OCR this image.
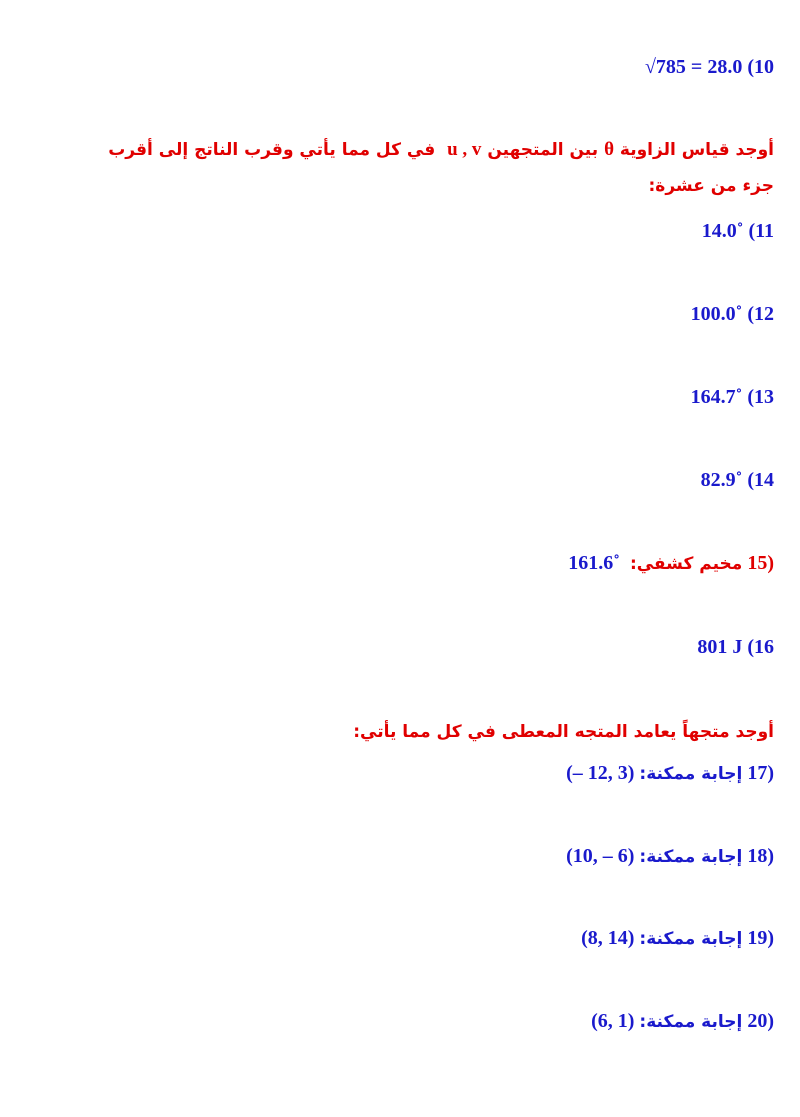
√785 = 28.0 (10
أوجد قياس الزاوية θ بين المتجهين u , v  في كل مما يأتي وقرب الناتج إلى أقرب جزء من عشرة:
14.0˚ (11
100.0˚ (12
164.7˚ (13
82.9˚ (14
15) مخيم كشفي:  161.6˚
801 J (16
أوجد متجهاً يعامد المتجه المعطى في كل مما يأتي:
17) إجابة ممكنة: (– 12, 3)
18) إجابة ممكنة: (10, – 6)
19) إجابة ممكنة: (8, 14)
20) إجابة ممكنة: (6, 1)
